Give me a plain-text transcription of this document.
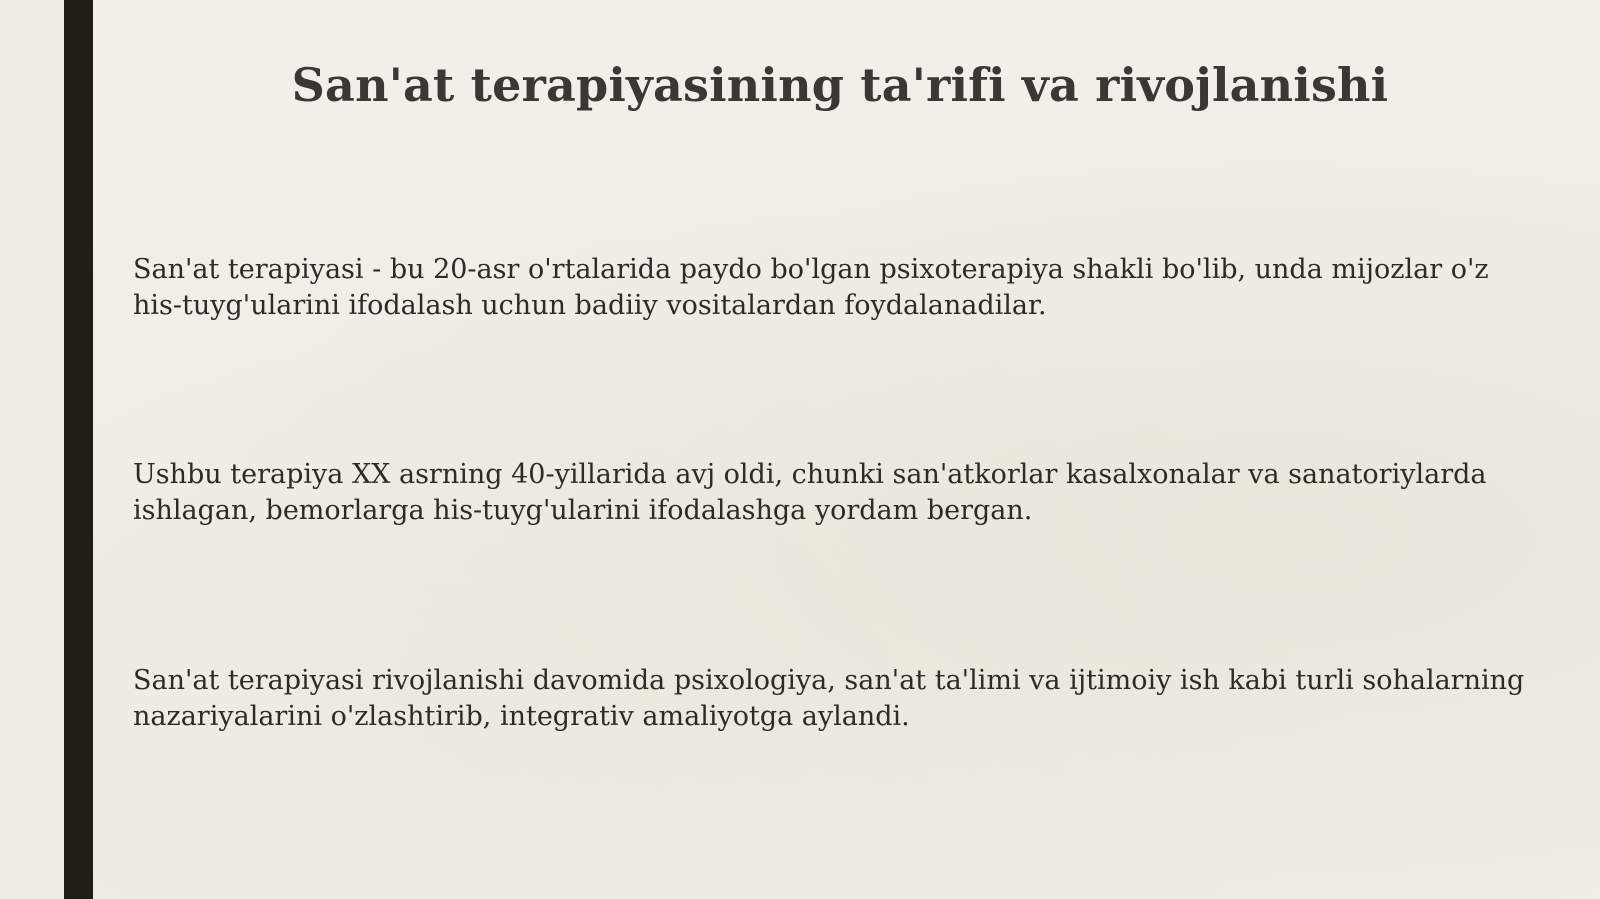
San'at terapiyasining ta'rifi va rivojlanishi

San'at terapiyasi - bu 20-asr o'rtalarida paydo bo'lgan psixoterapiya shakli bo'lib, unda mijozlar o'z his-tuyg'ularini ifodalash uchun badiiy vositalardan foydalanadilar.

Ushbu terapiya XX asrning 40-yillarida avj oldi, chunki san'atkorlar kasalxonalar va sanatoriylarda ishlagan, bemorlarga his-tuyg'ularini ifodalashga yordam bergan.

San'at terapiyasi rivojlanishi davomida psixologiya, san'at ta'limi va ijtimoiy ish kabi turli sohalarning nazariyalarini o'zlashtirib, integrativ amaliyotga aylandi.
